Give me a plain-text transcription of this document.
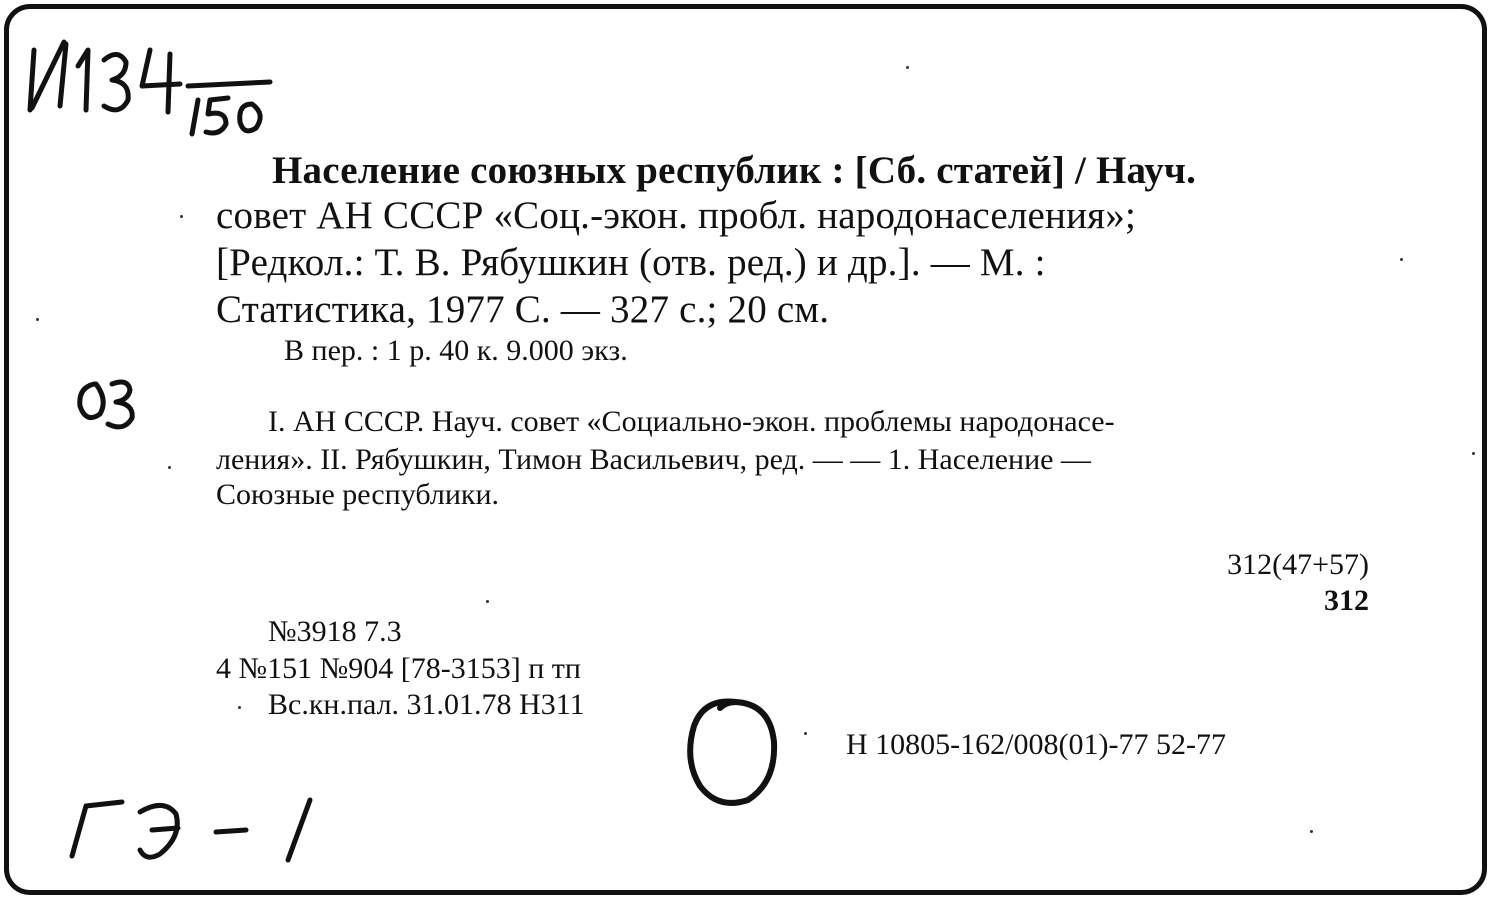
Население союзных республик : [Сб. статей] / Науч.

совет АН СССР «Соц.-экон. пробл. народонаселения»;

[Редкол.: Т. В. Рябушкин (отв. ред.) и др.]. — М. :

Статистика, 1977 С. — 327 с.; 20 см.

В пер. : 1 р. 40 к. 9.000 экз.

I. АН СССР. Науч. совет «Социально-экон. проблемы народонасе-

ления». II. Рябушкин, Тимон Васильевич, ред. — — 1. Население —

Союзные республики.

312(47+57)

312

№3918 7.3

4 №151 №904 [78-3153] п тп

Вс.кн.пал. 31.01.78 Н311

Н 10805-162/008(01)-77 52-77
